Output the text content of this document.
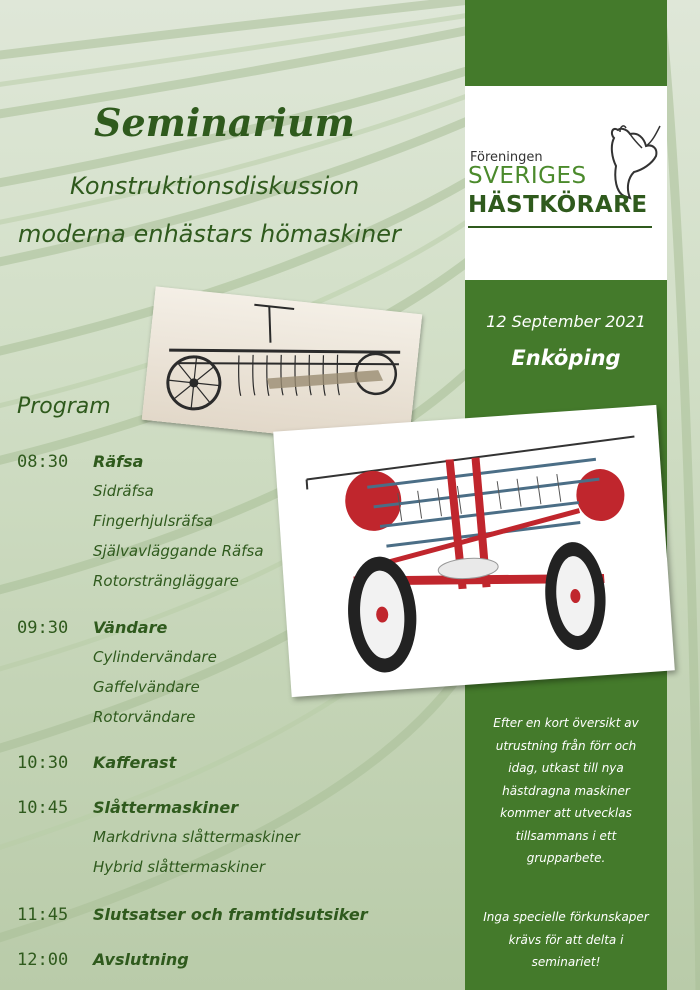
Föreningen
SVERIGES
HÄSTKÖRARE
Seminarium
Konstruktionsdiskussion
moderna enhästars hömaskiner
12 September 2021
Enköping
Program
08:30 Räfsa
Sidräfsa
Fingerhjulsräfsa
Självavläggande Räfsa
Rotorsträngläggare
09:30 Vändare
Cylindervändare
Gaffelvändare
Rotorvändare
10:30 Kafferast
10:45 Slåttermaskiner
Markdrivna slåttermaskiner
Hybrid slåttermaskiner
11:45 Slutsatser och framtidsutsiker
12:00 Avslutning
Efter en kort översikt av
utrustning från förr och
idag, utkast till nya
hästdragna maskiner
kommer att utvecklas
tillsammans i ett
grupparbete.
Inga specielle förkunskaper
krävs för att delta i
seminariet!
